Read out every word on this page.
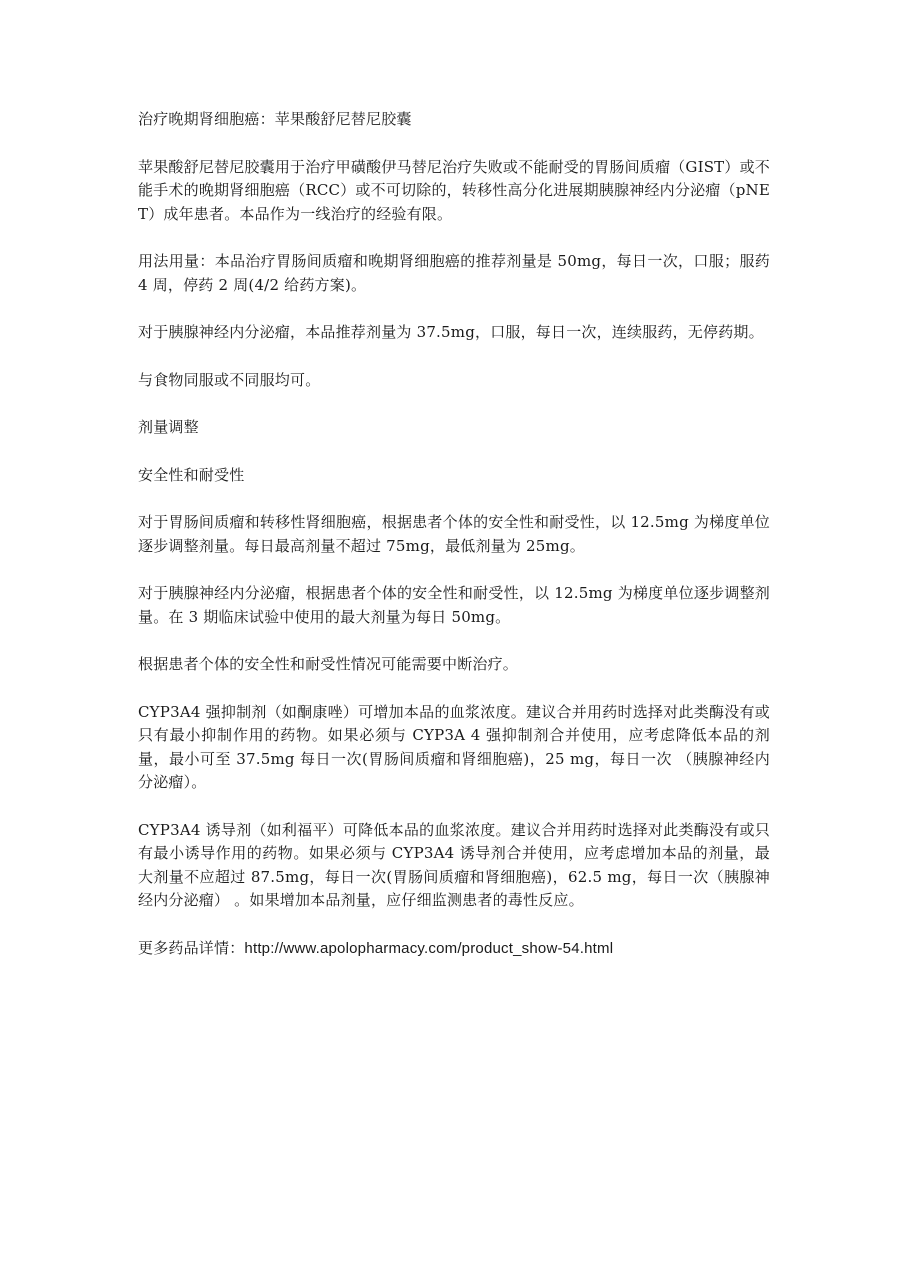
治疗晚期肾细胞癌：苹果酸舒尼替尼胶囊

苹果酸舒尼替尼胶囊用于治疗甲磺酸伊马替尼治疗失败或不能耐受的胃肠间质瘤（GIST）或不能手术的晚期肾细胞癌（RCC）或不可切除的，转移性高分化进展期胰腺神经内分泌瘤（pNET）成年患者。本品作为一线治疗的经验有限。

用法用量：本品治疗胃肠间质瘤和晚期肾细胞癌的推荐剂量是 50mg，每日一次，口服；服药 4 周，停药 2 周(4/2 给药方案)。

对于胰腺神经内分泌瘤，本品推荐剂量为 37.5mg，口服，每日一次，连续服药，无停药期。

与食物同服或不同服均可。

剂量调整

安全性和耐受性

对于胃肠间质瘤和转移性肾细胞癌，根据患者个体的安全性和耐受性，以 12.5mg 为梯度单位逐步调整剂量。每日最高剂量不超过 75mg，最低剂量为 25mg。

对于胰腺神经内分泌瘤，根据患者个体的安全性和耐受性，以 12.5mg 为梯度单位逐步调整剂量。在 3 期临床试验中使用的最大剂量为每日 50mg。

根据患者个体的安全性和耐受性情况可能需要中断治疗。

CYP3A4 强抑制剂（如酮康唑）可增加本品的血浆浓度。建议合并用药时选择对此类酶没有或只有最小抑制作用的药物。如果必须与 CYP3A 4 强抑制剂合并使用，应考虑降低本品的剂量，最小可至 37.5mg 每日一次(胃肠间质瘤和肾细胞癌)，25 mg，每日一次 （胰腺神经内分泌瘤）。

CYP3A4 诱导剂（如利福平）可降低本品的血浆浓度。建议合并用药时选择对此类酶没有或只有最小诱导作用的药物。如果必须与 CYP3A4 诱导剂合并使用，应考虑增加本品的剂量，最大剂量不应超过 87.5mg，每日一次(胃肠间质瘤和肾细胞癌)，62.5 mg，每日一次（胰腺神经内分泌瘤） 。如果增加本品剂量，应仔细监测患者的毒性反应。

更多药品详情：http://www.apolopharmacy.com/product_show-54.html
